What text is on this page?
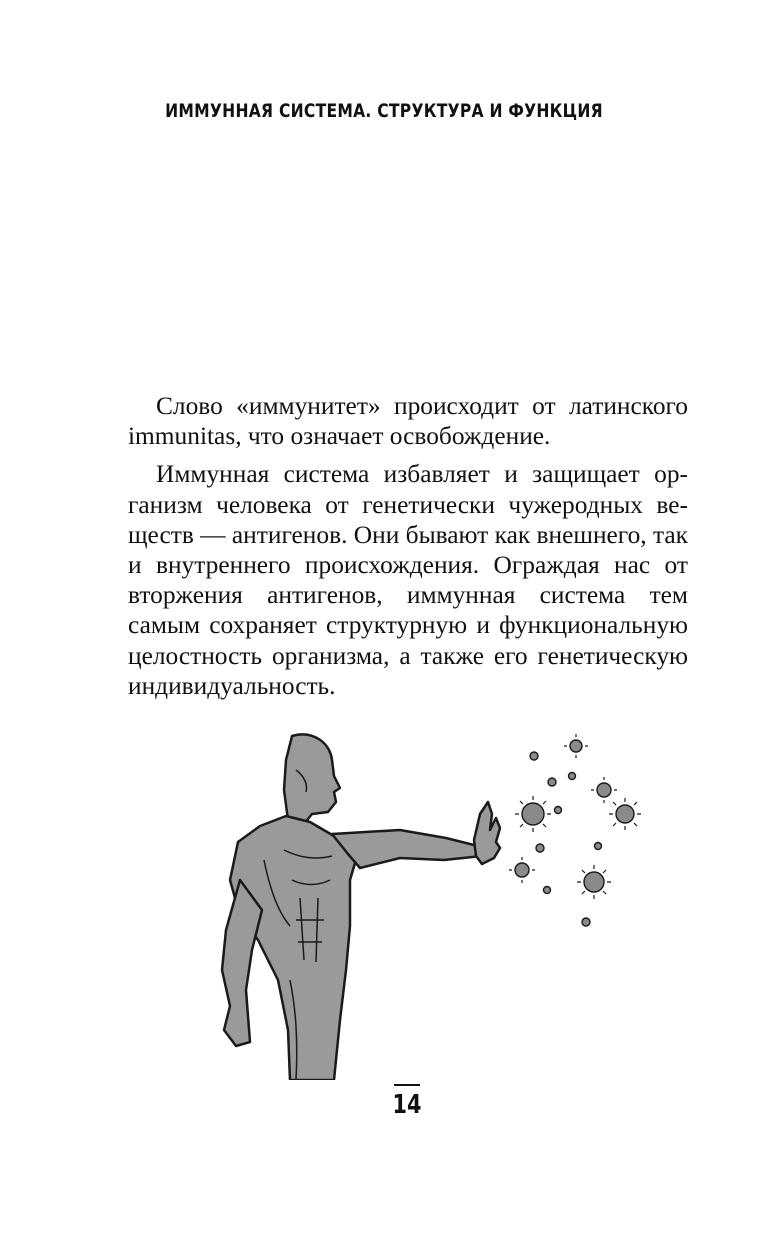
ИММУННАЯ СИСТЕМА. СТРУКТУРА И ФУНКЦИЯ

Слово «иммунитет» происходит от латинского immunitas, что означает освобождение.

Иммунная система избавляет и защищает организм человека от генетически чужеродных веществ — антигенов. Они бывают как внешнего, так и внутреннего происхождения. Ограждая нас от вторжения антигенов, иммунная система тем самым сохраняет структурную и функциональную целостность организма, а также его генетическую индивидуальность.

14
